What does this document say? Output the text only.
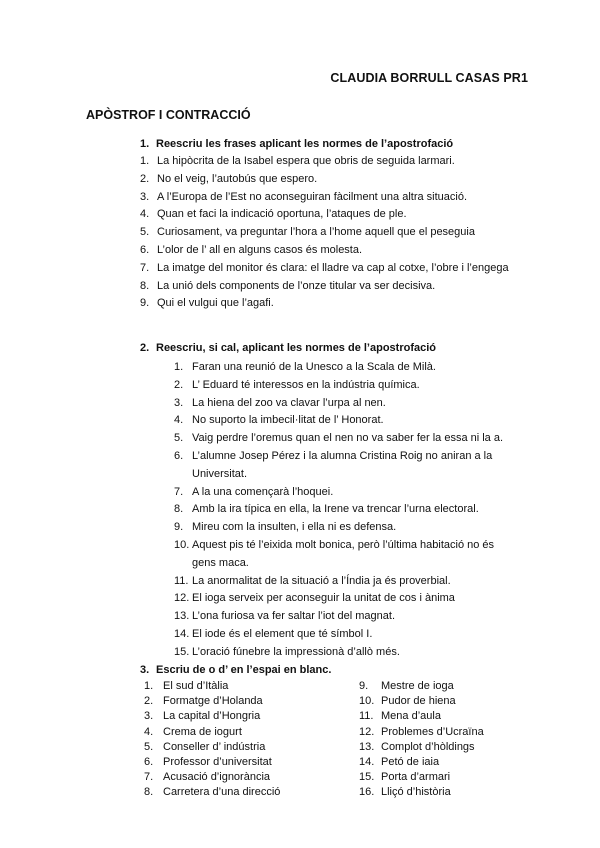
CLAUDIA BORRULL CASAS PR1
APÒSTROF I CONTRACCIÓ
1. Reescriu les frases aplicant les normes de l’apostrofació
1. La hipòcrita de la Isabel espera que obris de seguida larmari.
2. No el veig, l’autobús que espero.
3. A l’Europa de l’Est no aconseguiran fàcilment una altra situació.
4. Quan et faci la indicació oportuna, l’ataques de ple.
5. Curiosament, va preguntar l’hora a l’home aquell que el peseguia
6. L’olor de l’ all en alguns casos és molesta.
7. La imatge del monitor és clara: el lladre va cap al cotxe, l’obre i l’engega
8. La unió dels components de l’onze titular va ser decisiva.
9. Qui el vulgui que l’agafi.
2. Reescriu, si cal, aplicant les normes de l’apostrofació
1. Faran una reunió de la Unesco a la Scala de Milà.
2. L’ Eduard té interessos en la indústria química.
3. La hiena del zoo va clavar l’urpa al nen.
4. No suporto la imbecil·litat de l’ Honorat.
5. Vaig perdre l’oremus quan el nen no va saber fer la essa ni la a.
6. L’alumne Josep Pérez i la alumna Cristina Roig no aniran a la Universitat.
7. A la una començarà l’hoquei.
8. Amb la ira típica en ella, la Irene va trencar l’urna electoral.
9. Mireu com la insulten, i ella ni es defensa.
10. Aquest pis té l’eixida molt bonica, però l’última habitació no és gens maca.
11. La anormalitat de la situació a l’Índia ja és proverbial.
12. El ioga serveix per aconseguir la unitat de cos i ànima
13. L’ona furiosa va fer saltar l’iot del magnat.
14. El iode és el element que té símbol I.
15. L’oració fúnebre la impressionà d’allò més.
3. Escriu de o d’ en l’espai en blanc.
1. El sud d’Itàlia
2. Formatge d’Holanda
3. La capital d’Hongria
4. Crema de iogurt
5. Conseller d’ indústria
6. Professor d’universitat
7. Acusació d’ignorància
8. Carretera d’una direcció
9.	Mestre de ioga
10. Pudor de hiena
11. Mena d’aula
12. Problemes d’Ucraïna
13. Complot d’hòldings
14. Petó de iaia
15. Porta d’armari
16. Lliçó d’història
